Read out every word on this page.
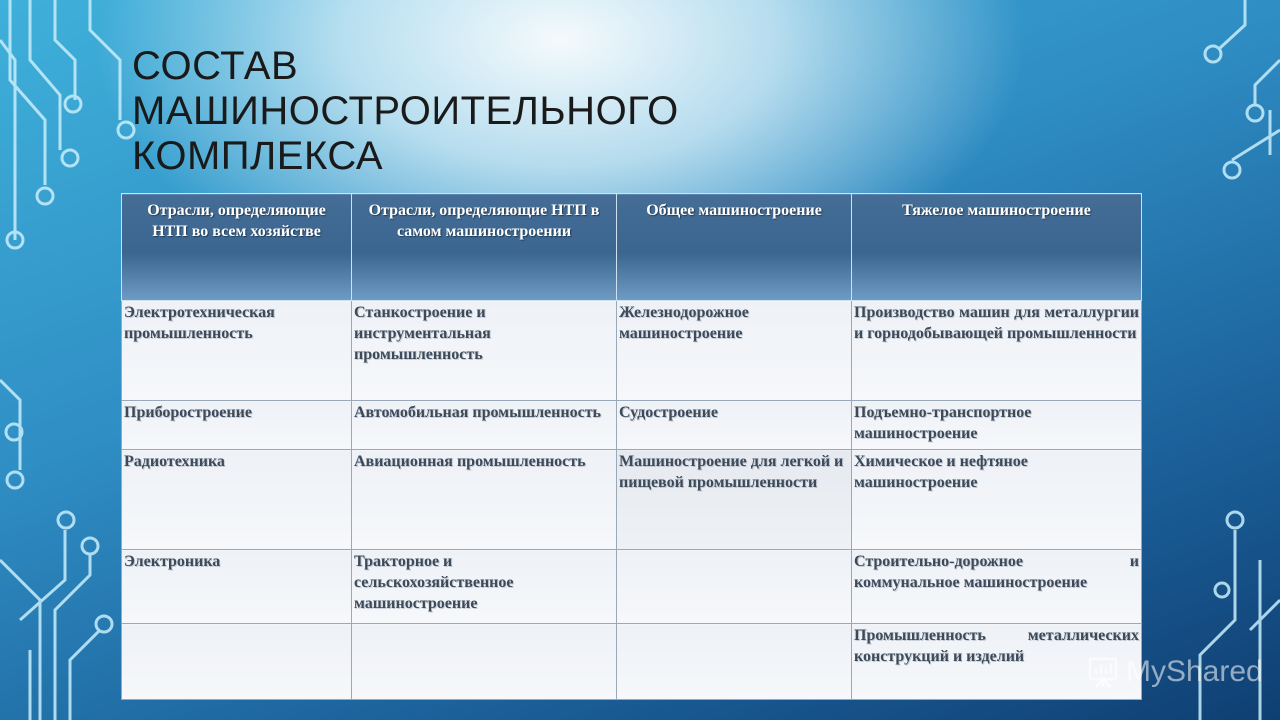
СОСТАВ
МАШИНОСТРОИТЕЛЬНОГО
КОМПЛЕКСА
Отрасли, определяющие НТП во всем хозяйстве	Отрасли, определяющие НТП в самом машиностроении	Общее машиностроение	Тяжелое машиностроение
Электротехническая промышленность	Станкостроение и инструментальная промышленность	Железнодорожное машиностроение	Производство машин для металлургии и горнодобывающей промышленности
Приборостроение	Автомобильная промышленность	Судостроение	Подъемно-транспортное машиностроение
Радиотехника	Авиационная промышленность	Машиностроение для легкой и пищевой промышленности	Химическое и нефтяное машиностроение
Электроника	Тракторное и сельскохозяйственное машиностроение		Строительно-дорожное и коммунальное машиностроение
			Промышленность металлических конструкций и изделий	MyShared
